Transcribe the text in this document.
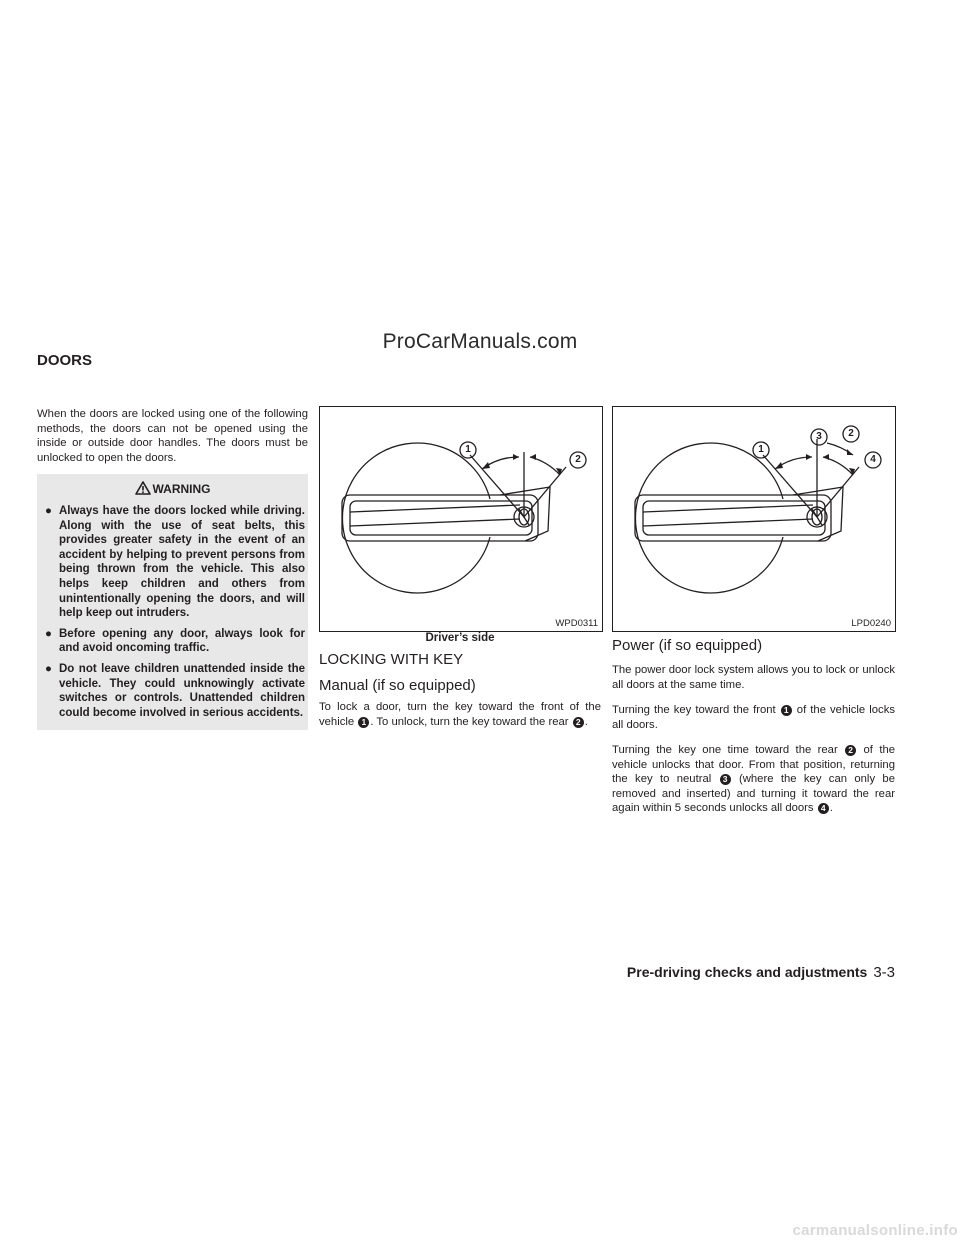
ProCarManuals.com
DOORS

When the doors are locked using one of the following methods, the doors can not be opened using the inside or outside door handles. The doors must be unlocked to open the doors.

WARNING
● Always have the doors locked while driving. Along with the use of seat belts, this provides greater safety in the event of an accident by helping to prevent persons from being thrown from the vehicle. This also helps keep children and others from unintentionally opening the doors, and will help keep out intruders.
● Before opening any door, always look for and avoid oncoming traffic.
● Do not leave children unattended inside the vehicle. They could unknowingly activate switches or controls. Unattended children could become involved in serious accidents.
1
2
WPD0311
Driver’s side
1
3	2
4
LPD0240
LOCKING WITH KEY
Manual (if so equipped)

To lock a door, turn the key toward the front of the vehicle 1 . To unlock, turn the key toward the rear 2 .

Power (if so equipped)

The power door lock system allows you to lock or unlock all doors at the same time.

Turning the key toward the front 1 of the vehicle locks all doors.

Turning the key one time toward the rear 2 of the vehicle unlocks that door. From that position, returning the key to neutral 3 (where the key can only be removed and inserted) and turning it toward the rear again within 5 seconds unlocks all doors 4 .

Pre-driving checks and adjustments 3-3
carmanualsonline.info
